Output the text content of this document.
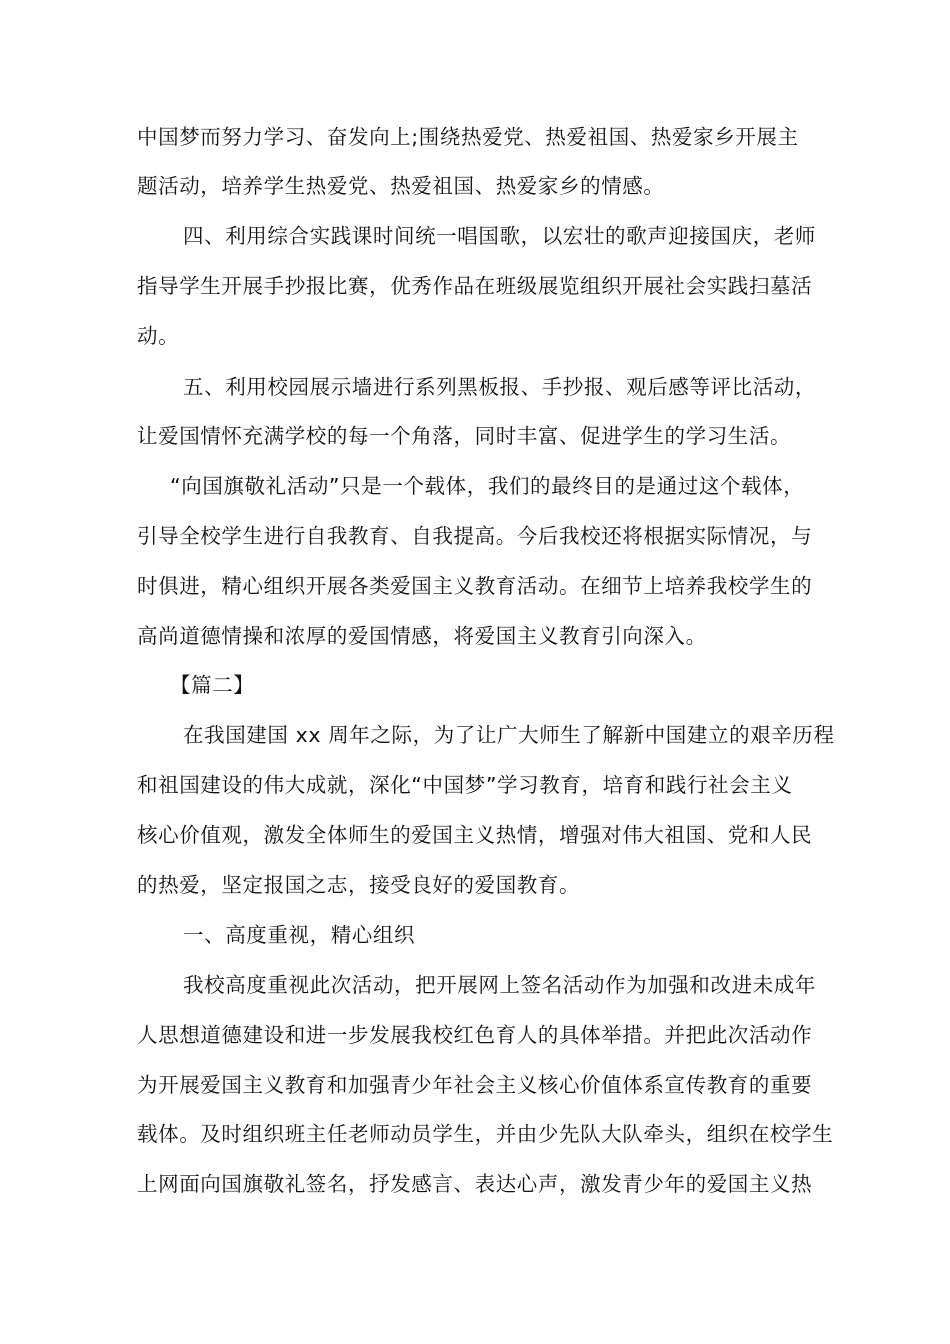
中国梦而努力学习、奋发向上;围绕热爱党、热爱祖国、热爱家乡开展主
题活动，培养学生热爱党、热爱祖国、热爱家乡的情感。
四、利用综合实践课时间统一唱国歌，以宏壮的歌声迎接国庆，老师
指导学生开展手抄报比赛，优秀作品在班级展览组织开展社会实践扫墓活
动。
五、利用校园展示墙进行系列黑板报、手抄报、观后感等评比活动，
让爱国情怀充满学校的每一个角落，同时丰富、促进学生的学习生活。
“向国旗敬礼活动”只是一个载体，我们的最终目的是通过这个载体，
引导全校学生进行自我教育、自我提高。今后我校还将根据实际情况，与
时俱进，精心组织开展各类爱国主义教育活动。在细节上培养我校学生的
高尚道德情操和浓厚的爱国情感，将爱国主义教育引向深入。
【篇二】
在我国建国 xx 周年之际，为了让广大师生了解新中国建立的艰辛历程
和祖国建设的伟大成就，深化“中国梦”学习教育，培育和践行社会主义
核心价值观，激发全体师生的爱国主义热情，增强对伟大祖国、党和人民
的热爱，坚定报国之志，接受良好的爱国教育。
一、高度重视，精心组织
我校高度重视此次活动，把开展网上签名活动作为加强和改进未成年
人思想道德建设和进一步发展我校红色育人的具体举措。并把此次活动作
为开展爱国主义教育和加强青少年社会主义核心价值体系宣传教育的重要
载体。及时组织班主任老师动员学生，并由少先队大队牵头，组织在校学生
上网面向国旗敬礼签名，抒发感言、表达心声，激发青少年的爱国主义热
